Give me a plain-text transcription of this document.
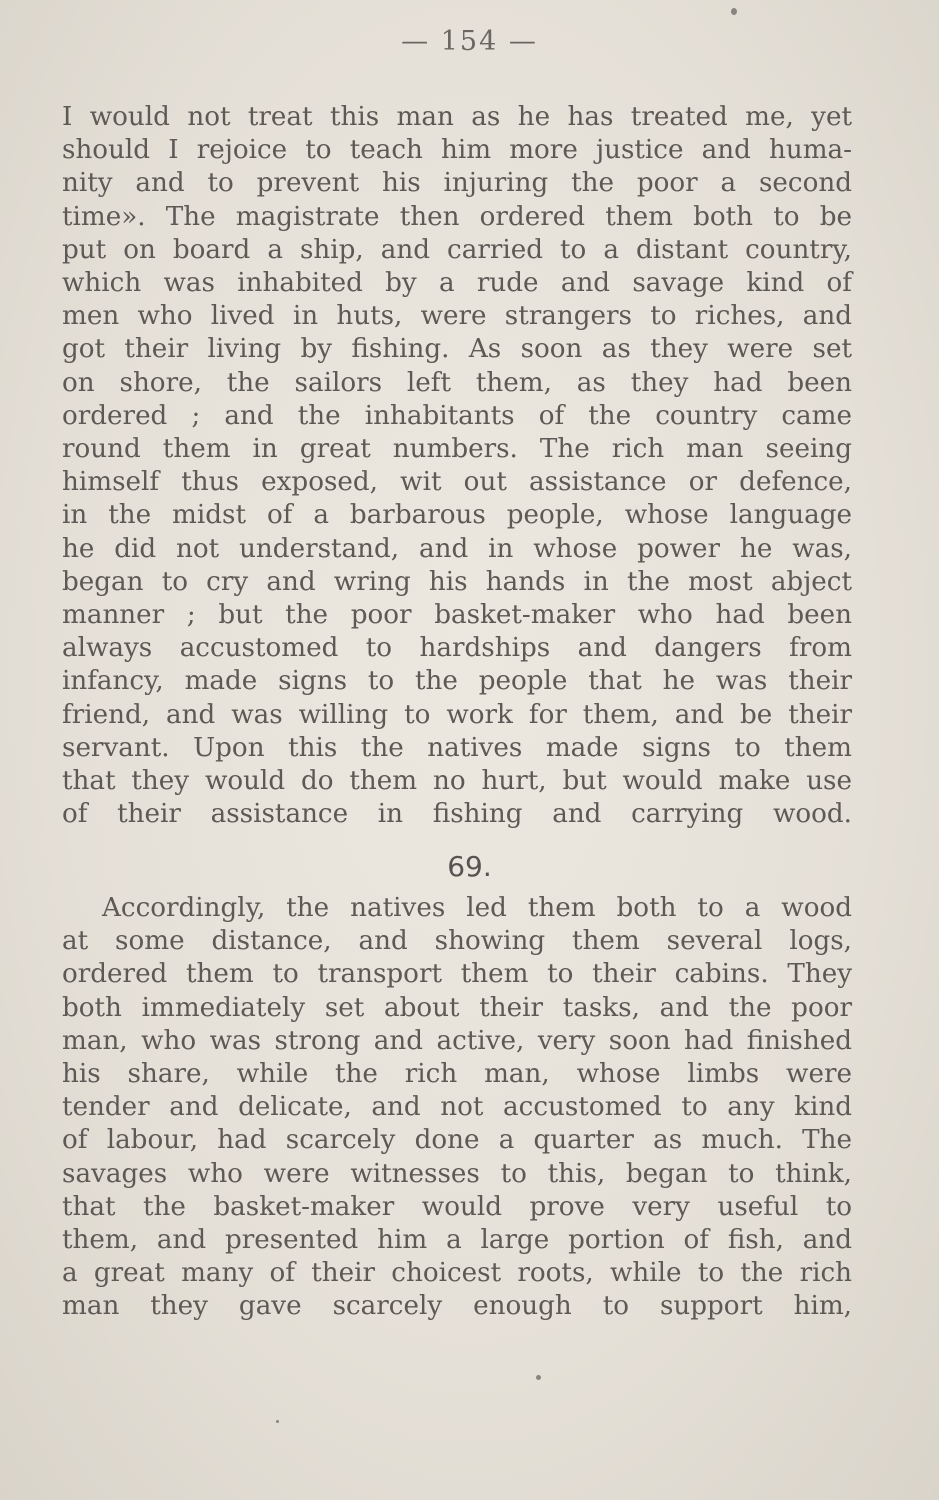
— 154 —
I would not treat this man as he has treated me, yet
should I rejoice to teach him more justice and huma-
nity and to prevent his injuring the poor a second
time». The magistrate then ordered them both to be
put on board a ship, and carried to a distant country,
which was inhabited by a rude and savage kind of
men who lived in huts, were strangers to riches, and
got their living by fishing. As soon as they were set
on shore, the sailors left them, as they had been
ordered ; and the inhabitants of the country came
round them in great numbers. The rich man seeing
himself thus exposed, wit out assistance or defence,
in the midst of a barbarous people, whose language
he did not understand, and in whose power he was,
began to cry and wring his hands in the most abject
manner ; but the poor basket-maker who had been
always accustomed to hardships and dangers from
infancy, made signs to the people that he was their
friend, and was willing to work for them, and be their
servant. Upon this the natives made signs to them
that they would do them no hurt, but would make use
of their assistance in fishing and carrying wood.
69.
Accordingly, the natives led them both to a wood
at some distance, and showing them several logs,
ordered them to transport them to their cabins. They
both immediately set about their tasks, and the poor
man, who was strong and active, very soon had finished
his share, while the rich man, whose limbs were
tender and delicate, and not accustomed to any kind
of labour, had scarcely done a quarter as much. The
savages who were witnesses to this, began to think,
that the basket-maker would prove very useful to
them, and presented him a large portion of fish, and
a great many of their choicest roots, while to the rich
man they gave scarcely enough to support him,
